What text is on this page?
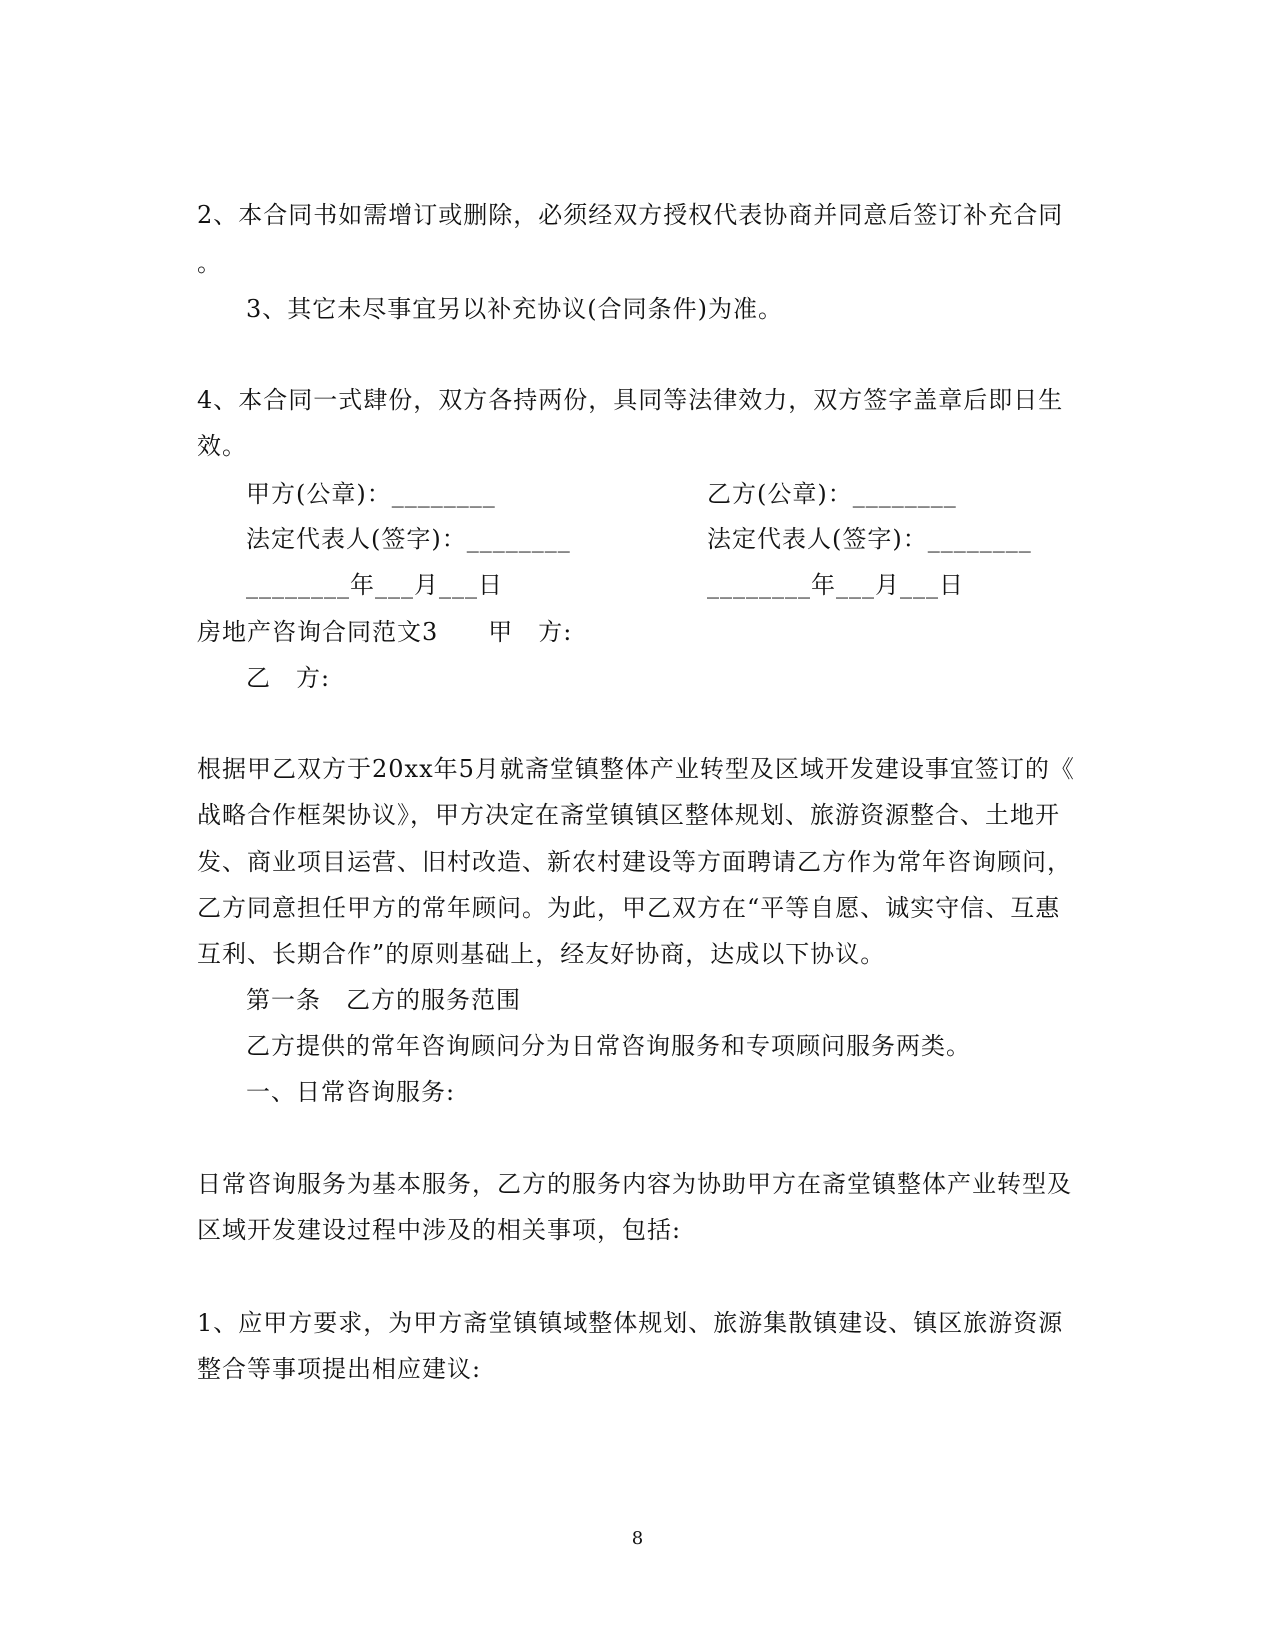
2、本合同书如需增订或删除，必须经双方授权代表协商并同意后签订补充合同
。
3、其它未尽事宜另以补充协议(合同条件)为准。
4、本合同一式肆份，双方各持两份，具同等法律效力，双方签字盖章后即日生
效。
甲方(公章)：________	乙方(公章)：________
法定代表人(签字)：________	法定代表人(签字)：________
________年___月___日	________年___月___日
房地产咨询合同范文3　　甲　方:
乙　方:
根据甲乙双方于20xx年5月就斋堂镇整体产业转型及区域开发建设事宜签订的《
战略合作框架协议》，甲方决定在斋堂镇镇区整体规划、旅游资源整合、土地开
发、商业项目运营、旧村改造、新农村建设等方面聘请乙方作为常年咨询顾问，
乙方同意担任甲方的常年顾问。为此，甲乙双方在“平等自愿、诚实守信、互惠
互利、长期合作”的原则基础上，经友好协商，达成以下协议。
第一条　乙方的服务范围
乙方提供的常年咨询顾问分为日常咨询服务和专项顾问服务两类。
一、日常咨询服务:
日常咨询服务为基本服务，乙方的服务内容为协助甲方在斋堂镇整体产业转型及
区域开发建设过程中涉及的相关事项，包括:
1、应甲方要求，为甲方斋堂镇镇域整体规划、旅游集散镇建设、镇区旅游资源
整合等事项提出相应建议:
8
